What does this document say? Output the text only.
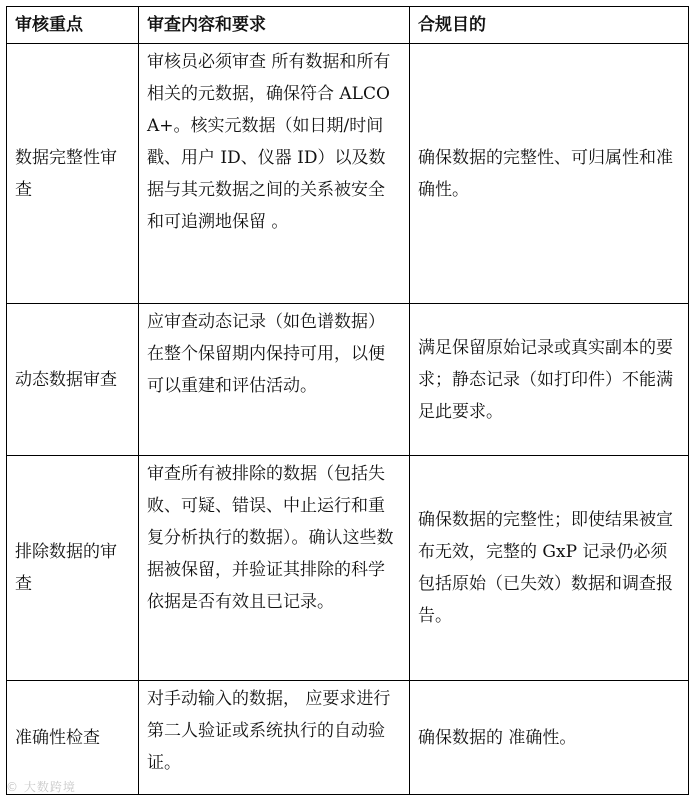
审核重点	审查内容和要求	合规目的
数据完整性审查	审核员必须审查 所有数据和所有相关的元数据，确保符合 ALCOA+。核实元数据（如日期/时间戳、用户 ID、仪器 ID）以及数据与其元数据之间的关系被安全和可追溯地保留 。	确保数据的完整性、可归属性和准确性。
动态数据审查	应审查动态记录（如色谱数据）在整个保留期内保持可用，以便可以重建和评估活动。	满足保留原始记录或真实副本的要求；静态记录（如打印件）不能满足此要求。
排除数据的审查	审查所有被排除的数据（包括失败、可疑、错误、中止运行和重复分析执行的数据）。确认这些数据被保留，并验证其排除的科学依据是否有效且已记录。	确保数据的完整性；即使结果被宣布无效，完整的 GxP 记录仍必须包括原始（已失效）数据和调查报告。
准确性检查	对手动输入的数据， 应要求进行第二人验证或系统执行的自动验证。	确保数据的 准确性。
© 大数跨境
